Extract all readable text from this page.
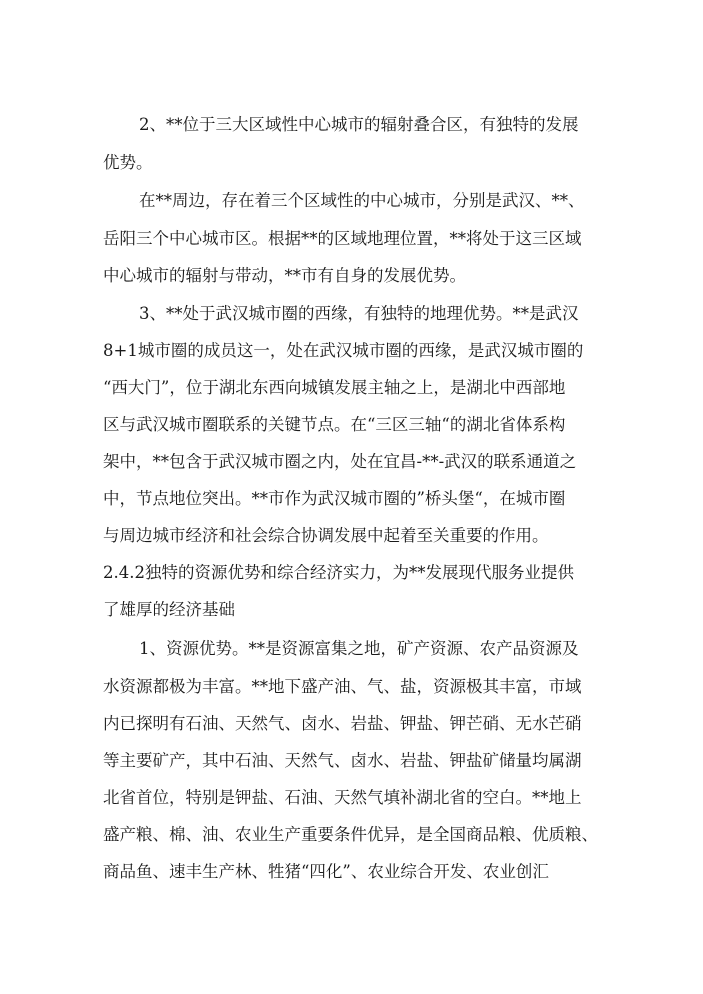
2、**位于三大区域性中心城市的辐射叠合区，有独特的发展
优势。
在**周边，存在着三个区域性的中心城市，分别是武汉、**、
岳阳三个中心城市区。根据**的区域地理位置，**将处于这三区域
中心城市的辐射与带动，**市有自身的发展优势。
3、**处于武汉城市圈的西缘，有独特的地理优势。**是武汉
8+1城市圈的成员这一，处在武汉城市圈的西缘，是武汉城市圈的
“西大门”，位于湖北东西向城镇发展主轴之上，是湖北中西部地
区与武汉城市圈联系的关键节点。在“三区三轴“的湖北省体系构
架中，**包含于武汉城市圈之内，处在宜昌-**-武汉的联系通道之
中，节点地位突出。**市作为武汉城市圈的”桥头堡“，在城市圈
与周边城市经济和社会综合协调发展中起着至关重要的作用。
2.4.2独特的资源优势和综合经济实力，为**发展现代服务业提供
了雄厚的经济基础
1、资源优势。**是资源富集之地，矿产资源、农产品资源及
水资源都极为丰富。**地下盛产油、气、盐，资源极其丰富，市域
内已探明有石油、天然气、卤水、岩盐、钾盐、钾芒硝、无水芒硝
等主要矿产，其中石油、天然气、卤水、岩盐、钾盐矿储量均属湖
北省首位，特别是钾盐、石油、天然气填补湖北省的空白。**地上
盛产粮、棉、油、农业生产重要条件优异，是全国商品粮、优质粮、
商品鱼、速丰生产林、牲猪“四化”、农业综合开发、农业创汇
